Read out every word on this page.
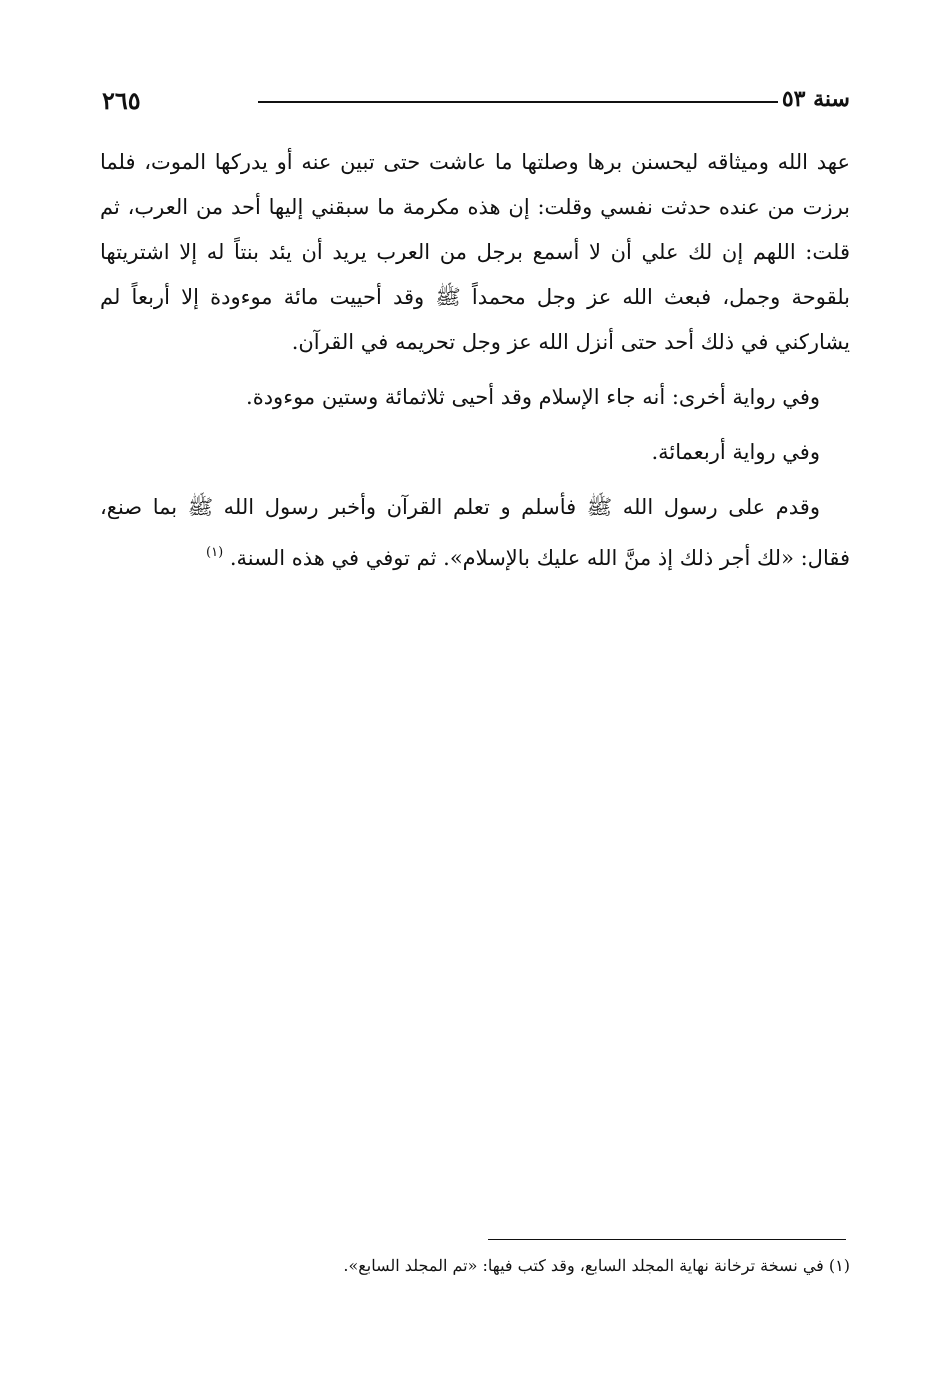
٢٦٥	سنة ٥٣

عهد الله وميثاقه ليحسنن برها وصلتها ما عاشت حتى تبين عنه أو يدركها الموت، فلما برزت من عنده حدثت نفسي وقلت: إن هذه مكرمة ما سبقني إليها أحد من العرب، ثم قلت: اللهم إن لك علي أن لا أسمع برجل من العرب يريد أن يئد بنتاً له إلا اشتريتها بلقوحة وجمل، فبعث الله عز وجل محمداً ﷺ وقد أحييت مائة موءودة إلا أربعاً لم يشاركني في ذلك أحد حتى أنزل الله عز وجل تحريمه في القرآن.

وفي رواية أخرى: أنه جاء الإسلام وقد أحيى ثلاثمائة وستين موءودة.

وفي رواية أربعمائة.

وقدم على رسول الله ﷺ فأسلم و تعلم القرآن وأخبر رسول الله ﷺ بما صنع، فقال: «لك أجر ذلك إذ منَّ الله عليك بالإسلام». ثم توفي في هذه السنة. $^{(١)}$

(١) في نسخة ترخانة نهاية المجلد السابع، وقد كتب فيها: «تم المجلد السابع».
